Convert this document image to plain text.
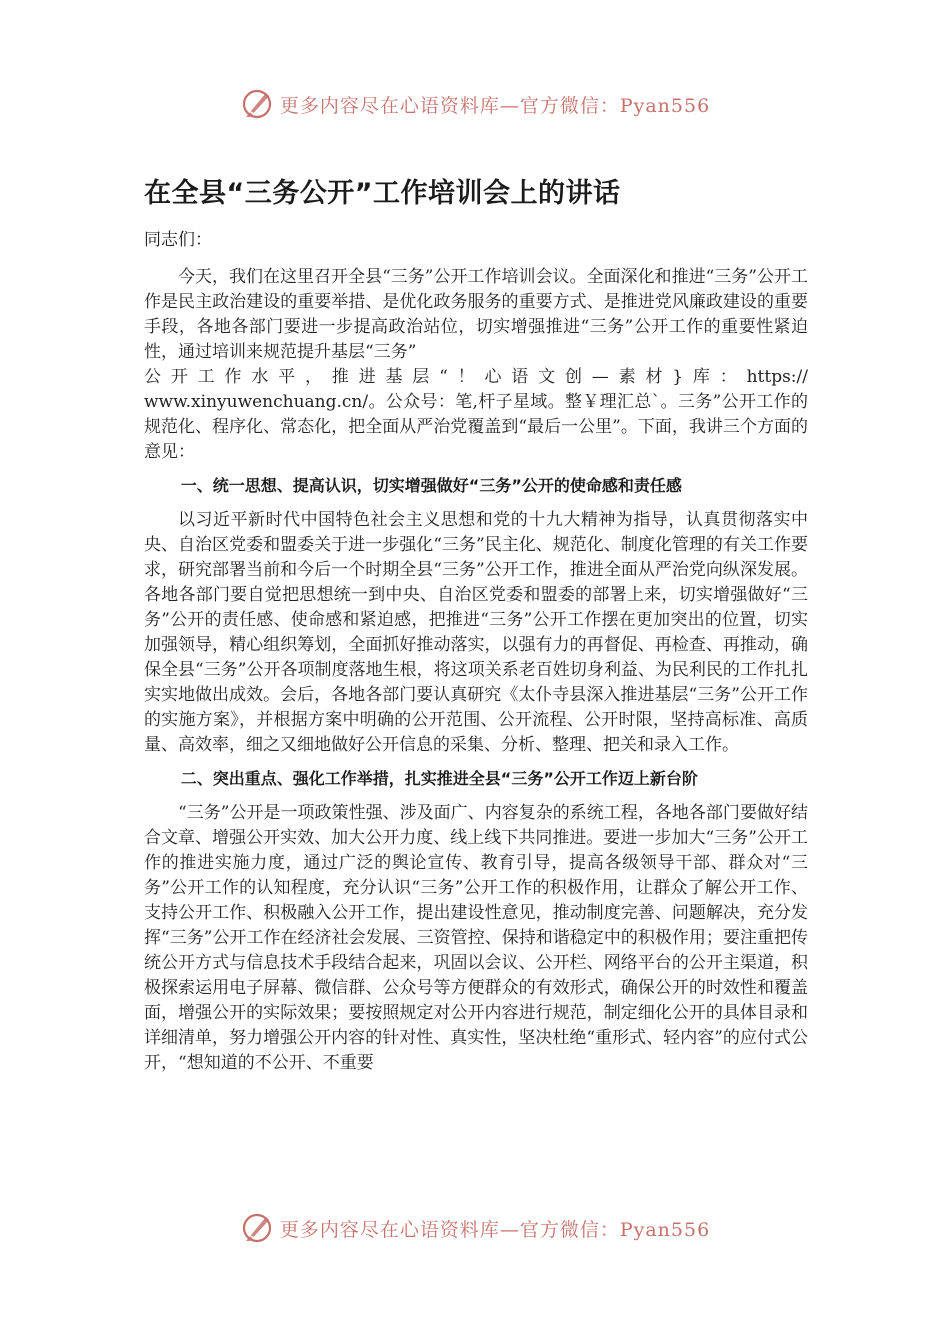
更多内容尽在心语资料库—官方微信：Pyan556
在全县“三务公开”工作培训会上的讲话

同志们：

今天，我们在这里召开全县“三务”公开工作培训会议。全面深化和推进“三务”公开工作是民主政治建设的重要举措、是优化政务服务的重要方式、是推进党风廉政建设的重要手段，各地各部门要进一步提高政治站位，切实增强推进“三务”公开工作的重要性紧迫性，通过培训来规范提升基层“三务”
公开工作水平，推进基层“！心语文创—素材}库：https://
www.xinyuwenchuang.cn/。公众号：笔,杆子星域。整￥理汇总`。三务”公开工作的规范化、程序化、常态化，把全面从严治党覆盖到“最后一公里”。下面，我讲三个方面的意见：

一、统一思想、提高认识，切实增强做好“三务”公开的使命感和责任感

以习近平新时代中国特色社会主义思想和党的十九大精神为指导，认真贯彻落实中央、自治区党委和盟委关于进一步强化“三务”民主化、规范化、制度化管理的有关工作要求，研究部署当前和今后一个时期全县“三务”公开工作，推进全面从严治党向纵深发展。各地各部门要自觉把思想统一到中央、自治区党委和盟委的部署上来，切实增强做好“三务”公开的责任感、使命感和紧迫感，把推进“三务”公开工作摆在更加突出的位置，切实加强领导，精心组织筹划，全面抓好推动落实，以强有力的再督促、再检查、再推动，确保全县“三务”公开各项制度落地生根，将这项关系老百姓切身利益、为民利民的工作扎扎实实地做出成效。会后，各地各部门要认真研究《太仆寺县深入推进基层“三务”公开工作的实施方案》，并根据方案中明确的公开范围、公开流程、公开时限，坚持高标准、高质量、高效率，细之又细地做好公开信息的采集、分析、整理、把关和录入工作。

二、突出重点、强化工作举措，扎实推进全县“三务”公开工作迈上新台阶

“三务”公开是一项政策性强、涉及面广、内容复杂的系统工程，各地各部门要做好结合文章、增强公开实效、加大公开力度、线上线下共同推进。要进一步加大“三务”公开工作的推进实施力度，通过广泛的舆论宣传、教育引导，提高各级领导干部、群众对“三务”公开工作的认知程度，充分认识“三务”公开工作的积极作用，让群众了解公开工作、支持公开工作、积极融入公开工作，提出建设性意见，推动制度完善、问题解决，充分发挥“三务”公开工作在经济社会发展、三资管控、保持和谐稳定中的积极作用；要注重把传统公开方式与信息技术手段结合起来，巩固以会议、公开栏、网络平台的公开主渠道，积极探索运用电子屏幕、微信群、公众号等方便群众的有效形式，确保公开的时效性和覆盖面，增强公开的实际效果；要按照规定对公开内容进行规范，制定细化公开的具体目录和详细清单，努力增强公开内容的针对性、真实性，坚决杜绝“重形式、轻内容”的应付式公开，“想知道的不公开、不重要

更多内容尽在心语资料库—官方微信：Pyan556
